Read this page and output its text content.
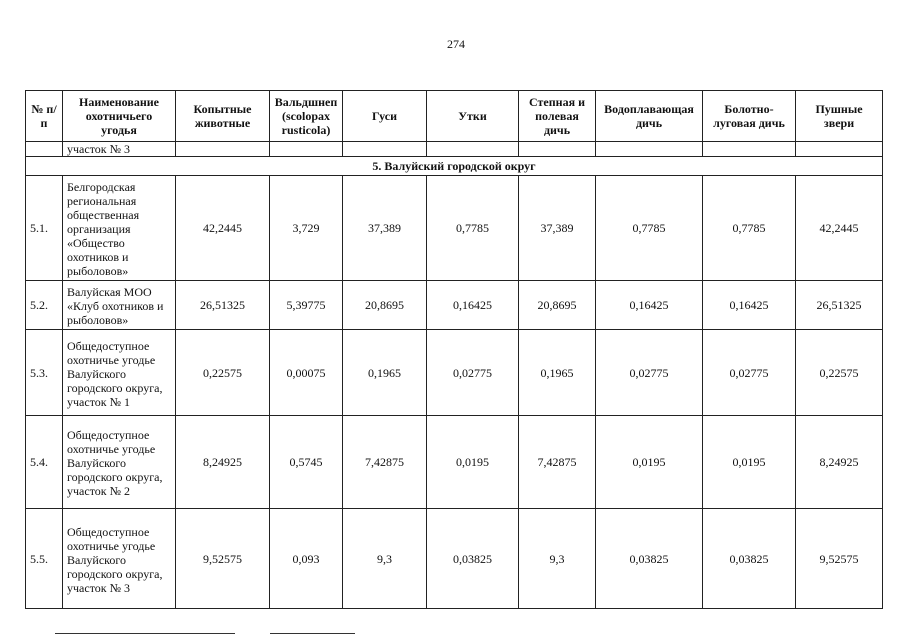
274
№ п/п	Наименование охотничьего угодья	Копытные животные	Вальдшнеп (scolopax rusticola)	Гуси	Утки	Степная и полевая дичь	Водоплавающая дичь	Болотно-луговая дичь	Пушные звери
	участок № 3								
5. Валуйский городской округ									
5.1.	Белгородская региональная общественная организация «Общество охотников и рыболовов»	42,2445	3,729	37,389	0,7785	37,389	0,7785	0,7785	42,2445
5.2.	Валуйская МОО «Клуб охотников и рыболовов»	26,51325	5,39775	20,8695	0,16425	20,8695	0,16425	0,16425	26,51325
5.3.	Общедоступное охотничье угодье Валуйского городского округа, участок № 1	0,22575	0,00075	0,1965	0,02775	0,1965	0,02775	0,02775	0,22575
5.4.	Общедоступное охотничье угодье Валуйского городского округа, участок № 2	8,24925	0,5745	7,42875	0,0195	7,42875	0,0195	0,0195	8,24925
5.5.	Общедоступное охотничье угодье Валуйского городского округа, участок № 3	9,52575	0,093	9,3	0,03825	9,3	0,03825	0,03825	9,52575
